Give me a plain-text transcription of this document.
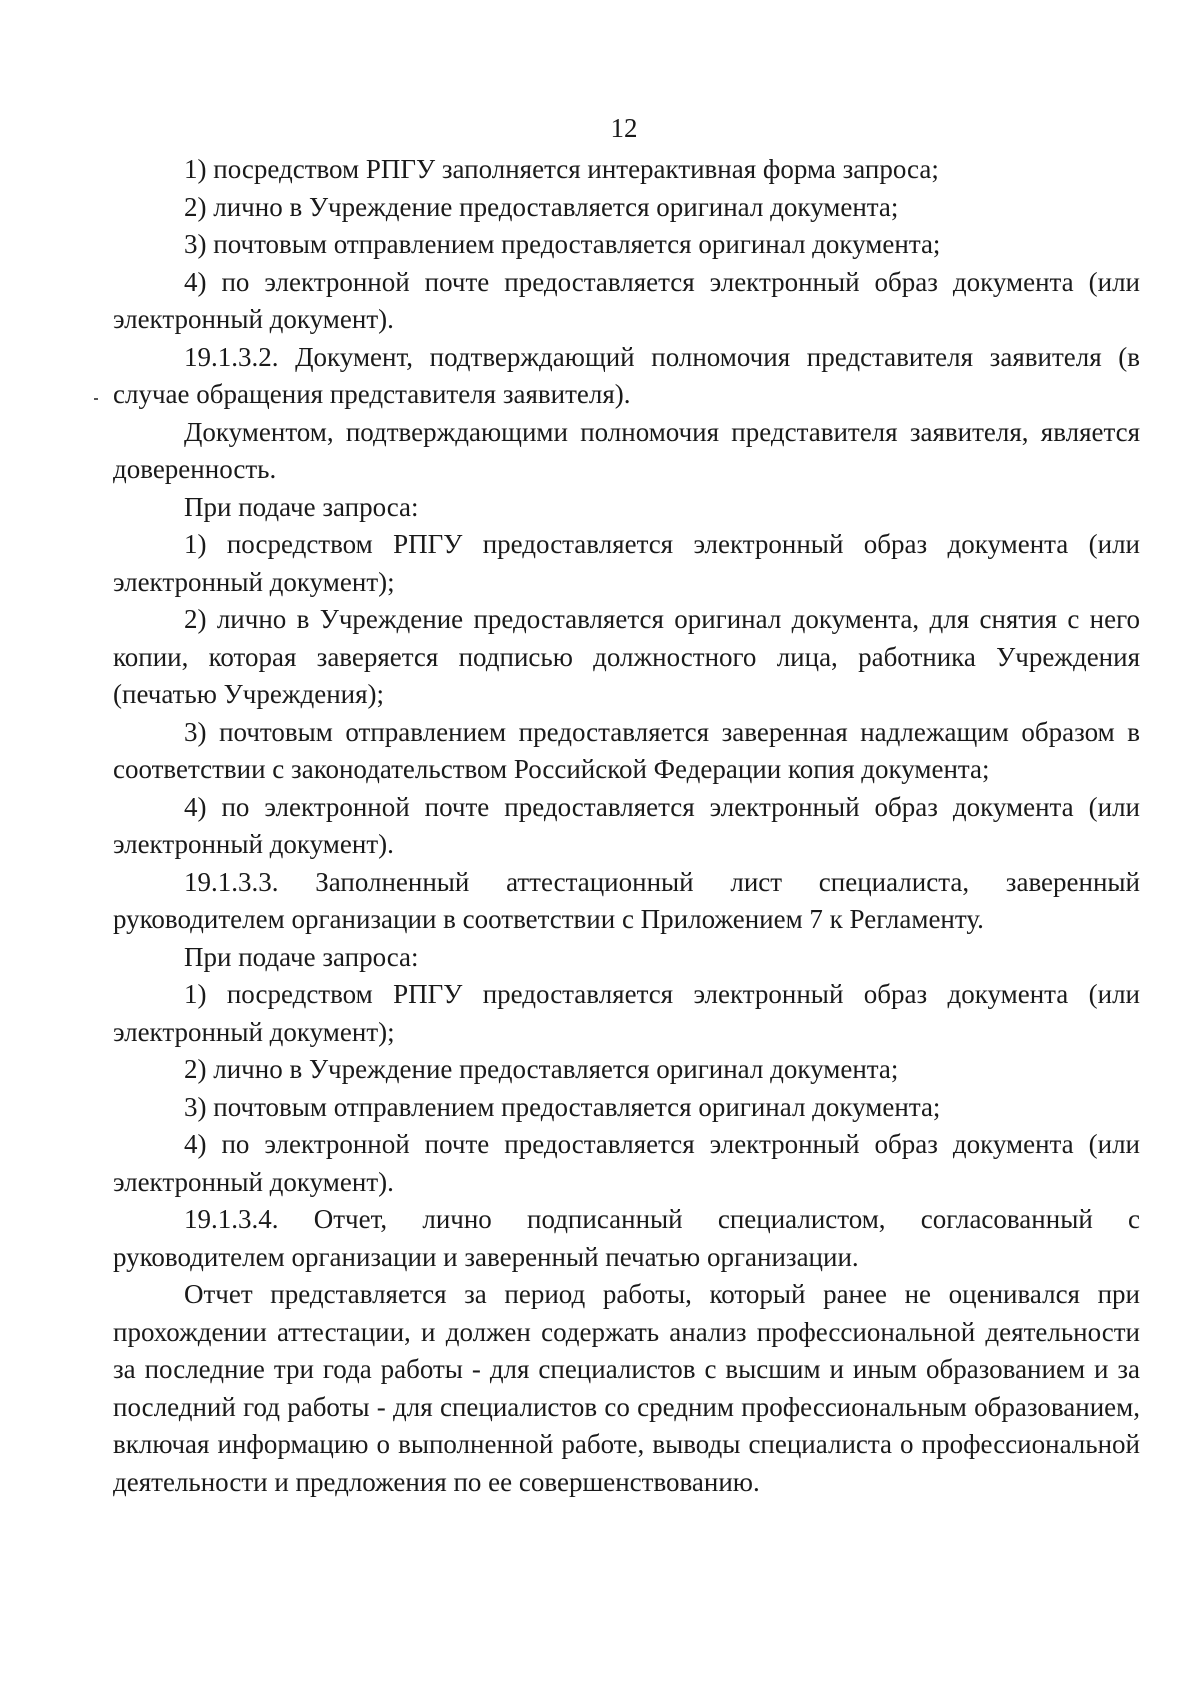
12

1) посредством РПГУ заполняется интерактивная форма запроса;

2) лично в Учреждение предоставляется оригинал документа;

3) почтовым отправлением предоставляется оригинал документа;

4) по электронной почте предоставляется электронный образ документа (или электронный документ).

19.1.3.2. Документ, подтверждающий полномочия представителя заявителя (в случае обращения представителя заявителя).

Документом, подтверждающими полномочия представителя заявителя, является доверенность.

При подаче запроса:

1) посредством РПГУ предоставляется электронный образ документа (или электронный документ);

2) лично в Учреждение предоставляется оригинал документа, для снятия с него копии, которая заверяется подписью должностного лица, работника Учреждения (печатью Учреждения);

3) почтовым отправлением предоставляется заверенная надлежащим образом в соответствии с законодательством Российской Федерации копия документа;

4) по электронной почте предоставляется электронный образ документа (или электронный документ).

19.1.3.3. Заполненный аттестационный лист специалиста, заверенный руководителем организации в соответствии с Приложением 7 к Регламенту.

При подаче запроса:

1) посредством РПГУ предоставляется электронный образ документа (или электронный документ);

2) лично в Учреждение предоставляется оригинал документа;

3) почтовым отправлением предоставляется оригинал документа;

4) по электронной почте предоставляется электронный образ документа (или электронный документ).

19.1.3.4. Отчет, лично подписанный специалистом, согласованный с руководителем организации и заверенный печатью организации.

Отчет представляется за период работы, который ранее не оценивался при прохождении аттестации, и должен содержать анализ профессиональной деятельности за последние три года работы - для специалистов с высшим и иным образованием и за последний год работы - для специалистов со средним профессиональным образованием, включая информацию о выполненной работе, выводы специалиста о профессиональной деятельности и предложения по ее совершенствованию.
